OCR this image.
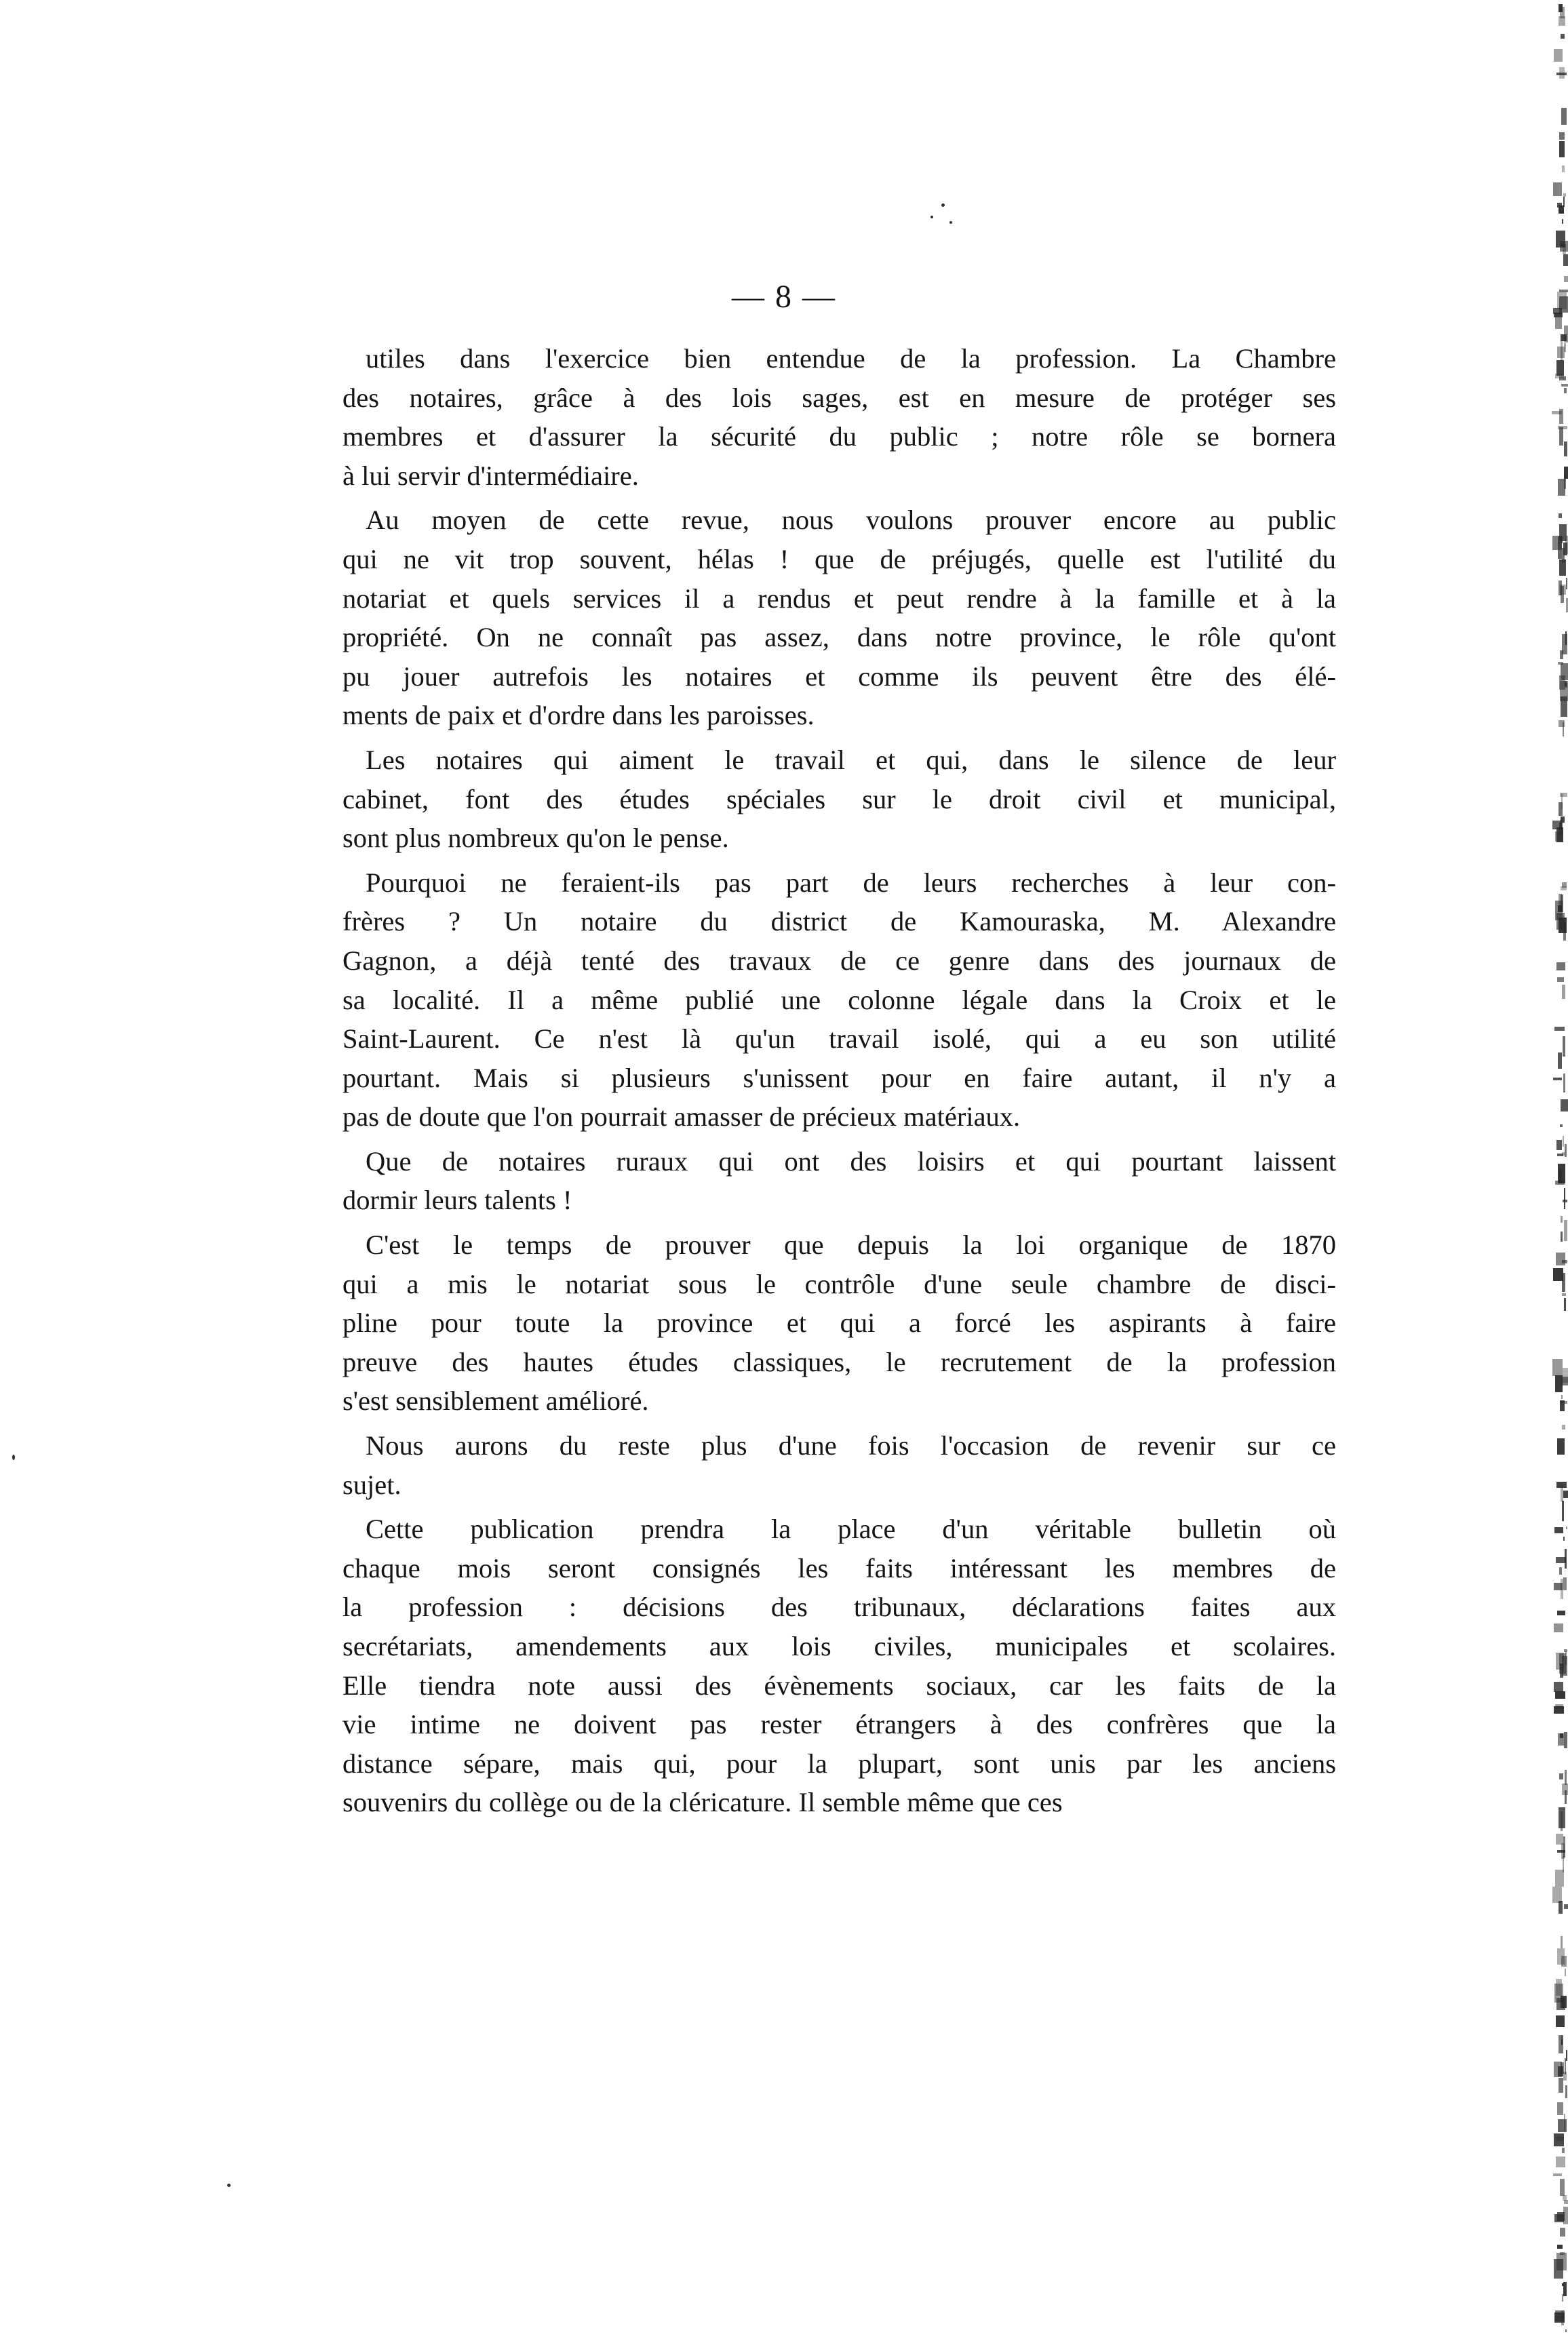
— 8 —
utiles dans l'exercice bien entendue de la profession. La Chambre
des notaires, grâce à des lois sages, est en mesure de protéger ses
membres et d'assurer la sécurité du public ; notre rôle se bornera
à lui servir d'intermédiaire.
Au moyen de cette revue, nous voulons prouver encore au public
qui ne vit trop souvent, hélas ! que de préjugés, quelle est l'utilité du
notariat et quels services il a rendus et peut rendre à la famille et à la
propriété. On ne connaît pas assez, dans notre province, le rôle qu'ont
pu jouer autrefois les notaires et comme ils peuvent être des élé-
ments de paix et d'ordre dans les paroisses.
Les notaires qui aiment le travail et qui, dans le silence de leur
cabinet, font des études spéciales sur le droit civil et municipal,
sont plus nombreux qu'on le pense.
Pourquoi ne feraient-ils pas part de leurs recherches à leur con-
frères ? Un notaire du district de Kamouraska, M. Alexandre
Gagnon, a déjà tenté des travaux de ce genre dans des journaux de
sa localité. Il a même publié une colonne légale dans la Croix et le
Saint-Laurent. Ce n'est là qu'un travail isolé, qui a eu son utilité
pourtant. Mais si plusieurs s'unissent pour en faire autant, il n'y a
pas de doute que l'on pourrait amasser de précieux matériaux.
Que de notaires ruraux qui ont des loisirs et qui pourtant laissent
dormir leurs talents !
C'est le temps de prouver que depuis la loi organique de 1870
qui a mis le notariat sous le contrôle d'une seule chambre de disci-
pline pour toute la province et qui a forcé les aspirants à faire
preuve des hautes études classiques, le recrutement de la profession
s'est sensiblement amélioré.
Nous aurons du reste plus d'une fois l'occasion de revenir sur ce
sujet.
Cette publication prendra la place d'un véritable bulletin où
chaque mois seront consignés les faits intéressant les membres de
la profession : décisions des tribunaux, déclarations faites aux
secrétariats, amendements aux lois civiles, municipales et scolaires.
Elle tiendra note aussi des évènements sociaux, car les faits de la
vie intime ne doivent pas rester étrangers à des confrères que la
distance sépare, mais qui, pour la plupart, sont unis par les anciens
souvenirs du collège ou de la cléricature. Il semble même que ces
